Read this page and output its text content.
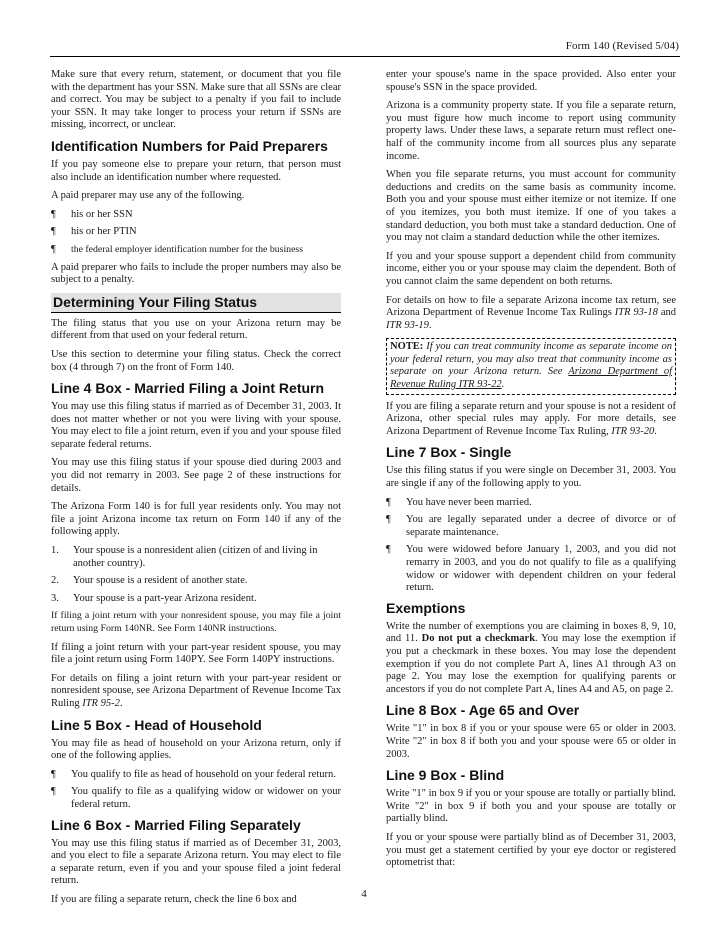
Form 140 (Revised 5/04)

Make sure that every return, statement, or document that you file with the department has your SSN. Make sure that all SSNs are clear and correct. You may be subject to a penalty if you fail to include your SSN. It may take longer to process your return if SSNs are missing, incorrect, or unclear.

Identification Numbers for Paid Preparers

If you pay someone else to prepare your return, that person must also include an identification number where requested.

A paid preparer may use any of the following.

¶	his or her SSN
¶	his or her PTIN
¶	the federal employer identification number for the business

A paid preparer who fails to include the proper numbers may also be subject to a penalty.

Determining Your Filing Status

The filing status that you use on your Arizona return may be different from that used on your federal return.

Use this section to determine your filing status. Check the correct box (4 through 7) on the front of Form 140.

Line 4 Box - Married Filing a Joint Return

You may use this filing status if married as of December 31, 2003. It does not matter whether or not you were living with your spouse. You may elect to file a joint return, even if you and your spouse filed separate federal returns.

You may use this filing status if your spouse died during 2003 and you did not remarry in 2003. See page 2 of these instructions for details.

The Arizona Form 140 is for full year residents only. You may not file a joint Arizona income tax return on Form 140 if any of the following apply.

1.	Your spouse is a nonresident alien (citizen of and living in another country).
2.	Your spouse is a resident of another state.
3.	Your spouse is a part-year Arizona resident.

If filing a joint return with your nonresident spouse, you may file a joint return using Form 140NR. See Form 140NR instructions.

If filing a joint return with your part-year resident spouse, you may file a joint return using Form 140PY. See Form 140PY instructions.

For details on filing a joint return with your part-year resident or nonresident spouse, see Arizona Department of Revenue Income Tax Ruling ITR 95-2.

Line 5 Box - Head of Household

You may file as head of household on your Arizona return, only if one of the following applies.

¶	You qualify to file as head of household on your federal return.
¶	You qualify to file as a qualifying widow or widower on your federal return.
Line 6 Box - Married Filing Separately

You may use this filing status if married as of December 31, 2003, and you elect to file a separate Arizona return. You may elect to file a separate return, even if you and your spouse filed a joint federal return.

If you are filing a separate return, check the line 6 box and

enter your spouse's name in the space provided. Also enter your spouse's SSN in the space provided.

Arizona is a community property state. If you file a separate return, you must figure how much income to report using community property laws. Under these laws, a separate return must reflect one-half of the community income from all sources plus any separate income.

When you file separate returns, you must account for community deductions and credits on the same basis as community income. Both you and your spouse must either itemize or not itemize. If one of you itemizes, you both must itemize. If one of you takes a standard deduction, you both must take a standard deduction. One of you may not claim a standard deduction while the other itemizes.

If you and your spouse support a dependent child from community income, either you or your spouse may claim the dependent. Both of you cannot claim the same dependent on both returns.

For details on how to file a separate Arizona income tax return, see Arizona Department of Revenue Income Tax Rulings ITR 93-18 and ITR 93-19.

NOTE: If you can treat community income as separate income on your federal return, you may also treat that community income as separate on your Arizona return. See Arizona Department of Revenue Ruling ITR 93-22.

If you are filing a separate return and your spouse is not a resident of Arizona, other special rules may apply. For more details, see Arizona Department of Revenue Income Tax Ruling, ITR 93-20.

Line 7 Box - Single

Use this filing status if you were single on December 31, 2003. You are single if any of the following apply to you.

¶	You have never been married.
¶	You are legally separated under a decree of divorce or of separate maintenance.
¶	You were widowed before January 1, 2003, and you did not remarry in 2003, and you do not qualify to file as a qualifying widow or widower with dependent children on your federal return.
Exemptions

Write the number of exemptions you are claiming in boxes 8, 9, 10, and 11. Do not put a checkmark. You may lose the exemption if you put a checkmark in these boxes. You may lose the dependent exemption if you do not complete Part A, lines A1 through A3 on page 2. You may lose the exemption for qualifying parents or ancestors if you do not complete Part A, lines A4 and A5, on page 2.

Line 8 Box - Age 65 and Over

Write "1" in box 8 if you or your spouse were 65 or older in 2003. Write "2" in box 8 if both you and your spouse were 65 or older in 2003.

Line 9 Box - Blind

Write "1" in box 9 if you or your spouse are totally or partially blind. Write "2" in box 9 if both you and your spouse are totally or partially blind.

If you or your spouse were partially blind as of December 31, 2003, you must get a statement certified by your eye doctor or registered optometrist that:

4
